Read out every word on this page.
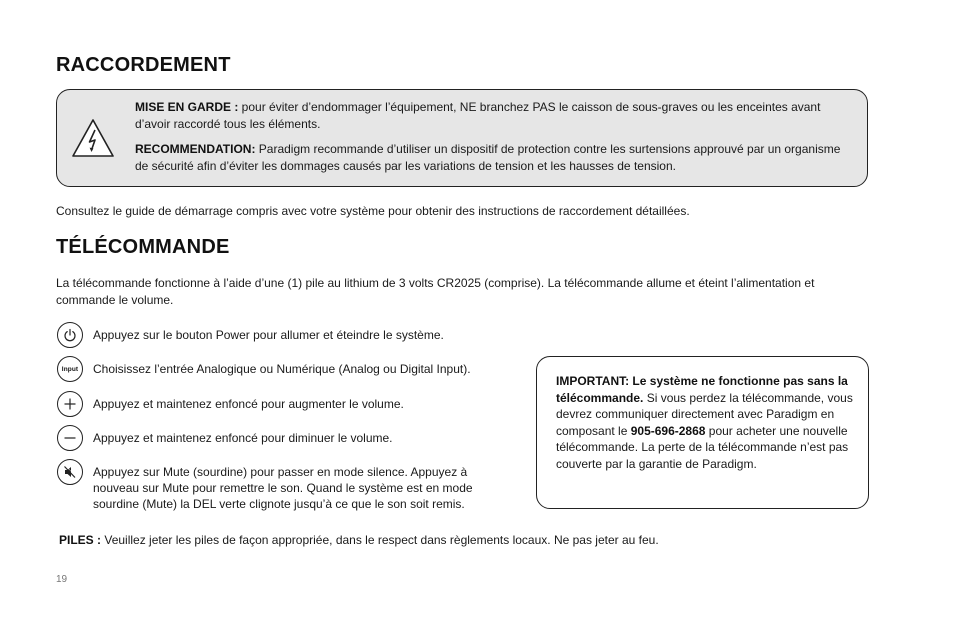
RACCORDEMENT

MISE EN GARDE : pour éviter d’endommager l’équipement, NE branchez PAS le caisson de sous-graves ou les enceintes avant d’avoir raccordé tous les éléments.

RECOMMENDATION: Paradigm recommande d’utiliser un dispositif de protection contre les surtensions approuvé par un organisme de sécurité afin d’éviter les dommages causés par les variations de tension et les hausses de tension.

Consultez le guide de démarrage compris avec votre système pour obtenir des instructions de raccordement détaillées.
TÉLÉCOMMANDE
La télécommande fonctionne à l’aide d’une (1) pile au lithium de 3 volts CR2025 (comprise). La télécommande allume et éteint l’alimentation et commande le volume.
Appuyez sur le bouton Power pour allumer et éteindre le système.
Input Choisissez l’entrée Analogique ou Numérique (Analog ou Digital Input).
Appuyez et maintenez enfoncé pour augmenter le volume.
Appuyez et maintenez enfoncé pour diminuer le volume.
Appuyez sur Mute (sourdine) pour passer en mode silence. Appuyez à nouveau sur Mute pour remettre le son. Quand le système est en mode sourdine (Mute) la DEL verte clignote jusqu’à ce que le son soit remis.
IMPORTANT: Le système ne fonctionne pas sans la télécommande. Si vous perdez la télécommande, vous devrez communiquer directement avec Paradigm en composant le 905-696-2868 pour acheter une nouvelle télécommande. La perte de la télécommande n’est pas couverte par la garantie de Paradigm.
PILES : Veuillez jeter les piles de façon appropriée, dans le respect dans règlements locaux. Ne pas jeter au feu.
19
